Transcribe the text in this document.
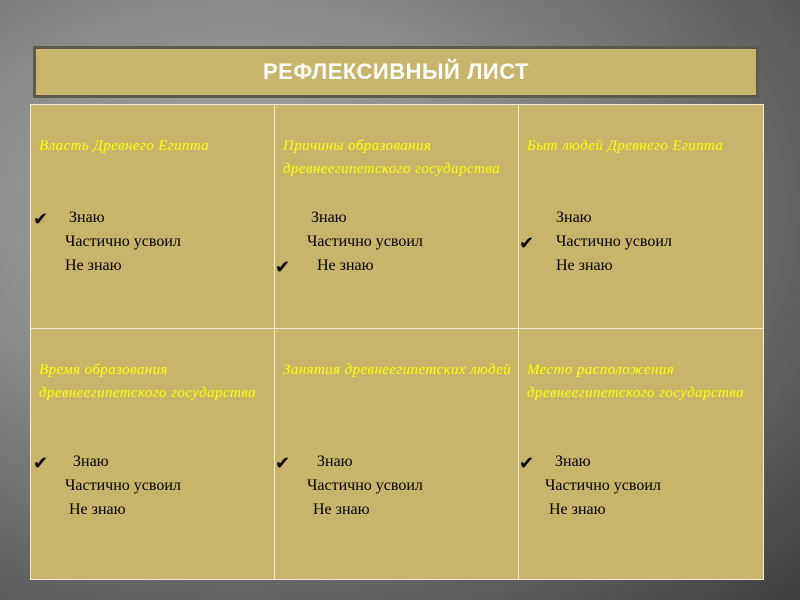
РЕФЛЕКСИВНЫЙ ЛИСТ
Власть Древнего Египта
✔ Знаю
Частично усвоил
Не знаю
Причины образования древнеегипетского государства
Знаю
Частично усвоил
✔ Не знаю
Быт людей Древнего Египта
Знаю
✔ Частично усвоил
Не знаю
Время образования древнеегипетского государства
✔ Знаю
Частично усвоил
Не знаю
Занятия древнеегипетских людей
✔ Знаю
Частично усвоил
Не знаю
Место расположения древнеегипетского государства
✔ Знаю
Частично усвоил
Не знаю
